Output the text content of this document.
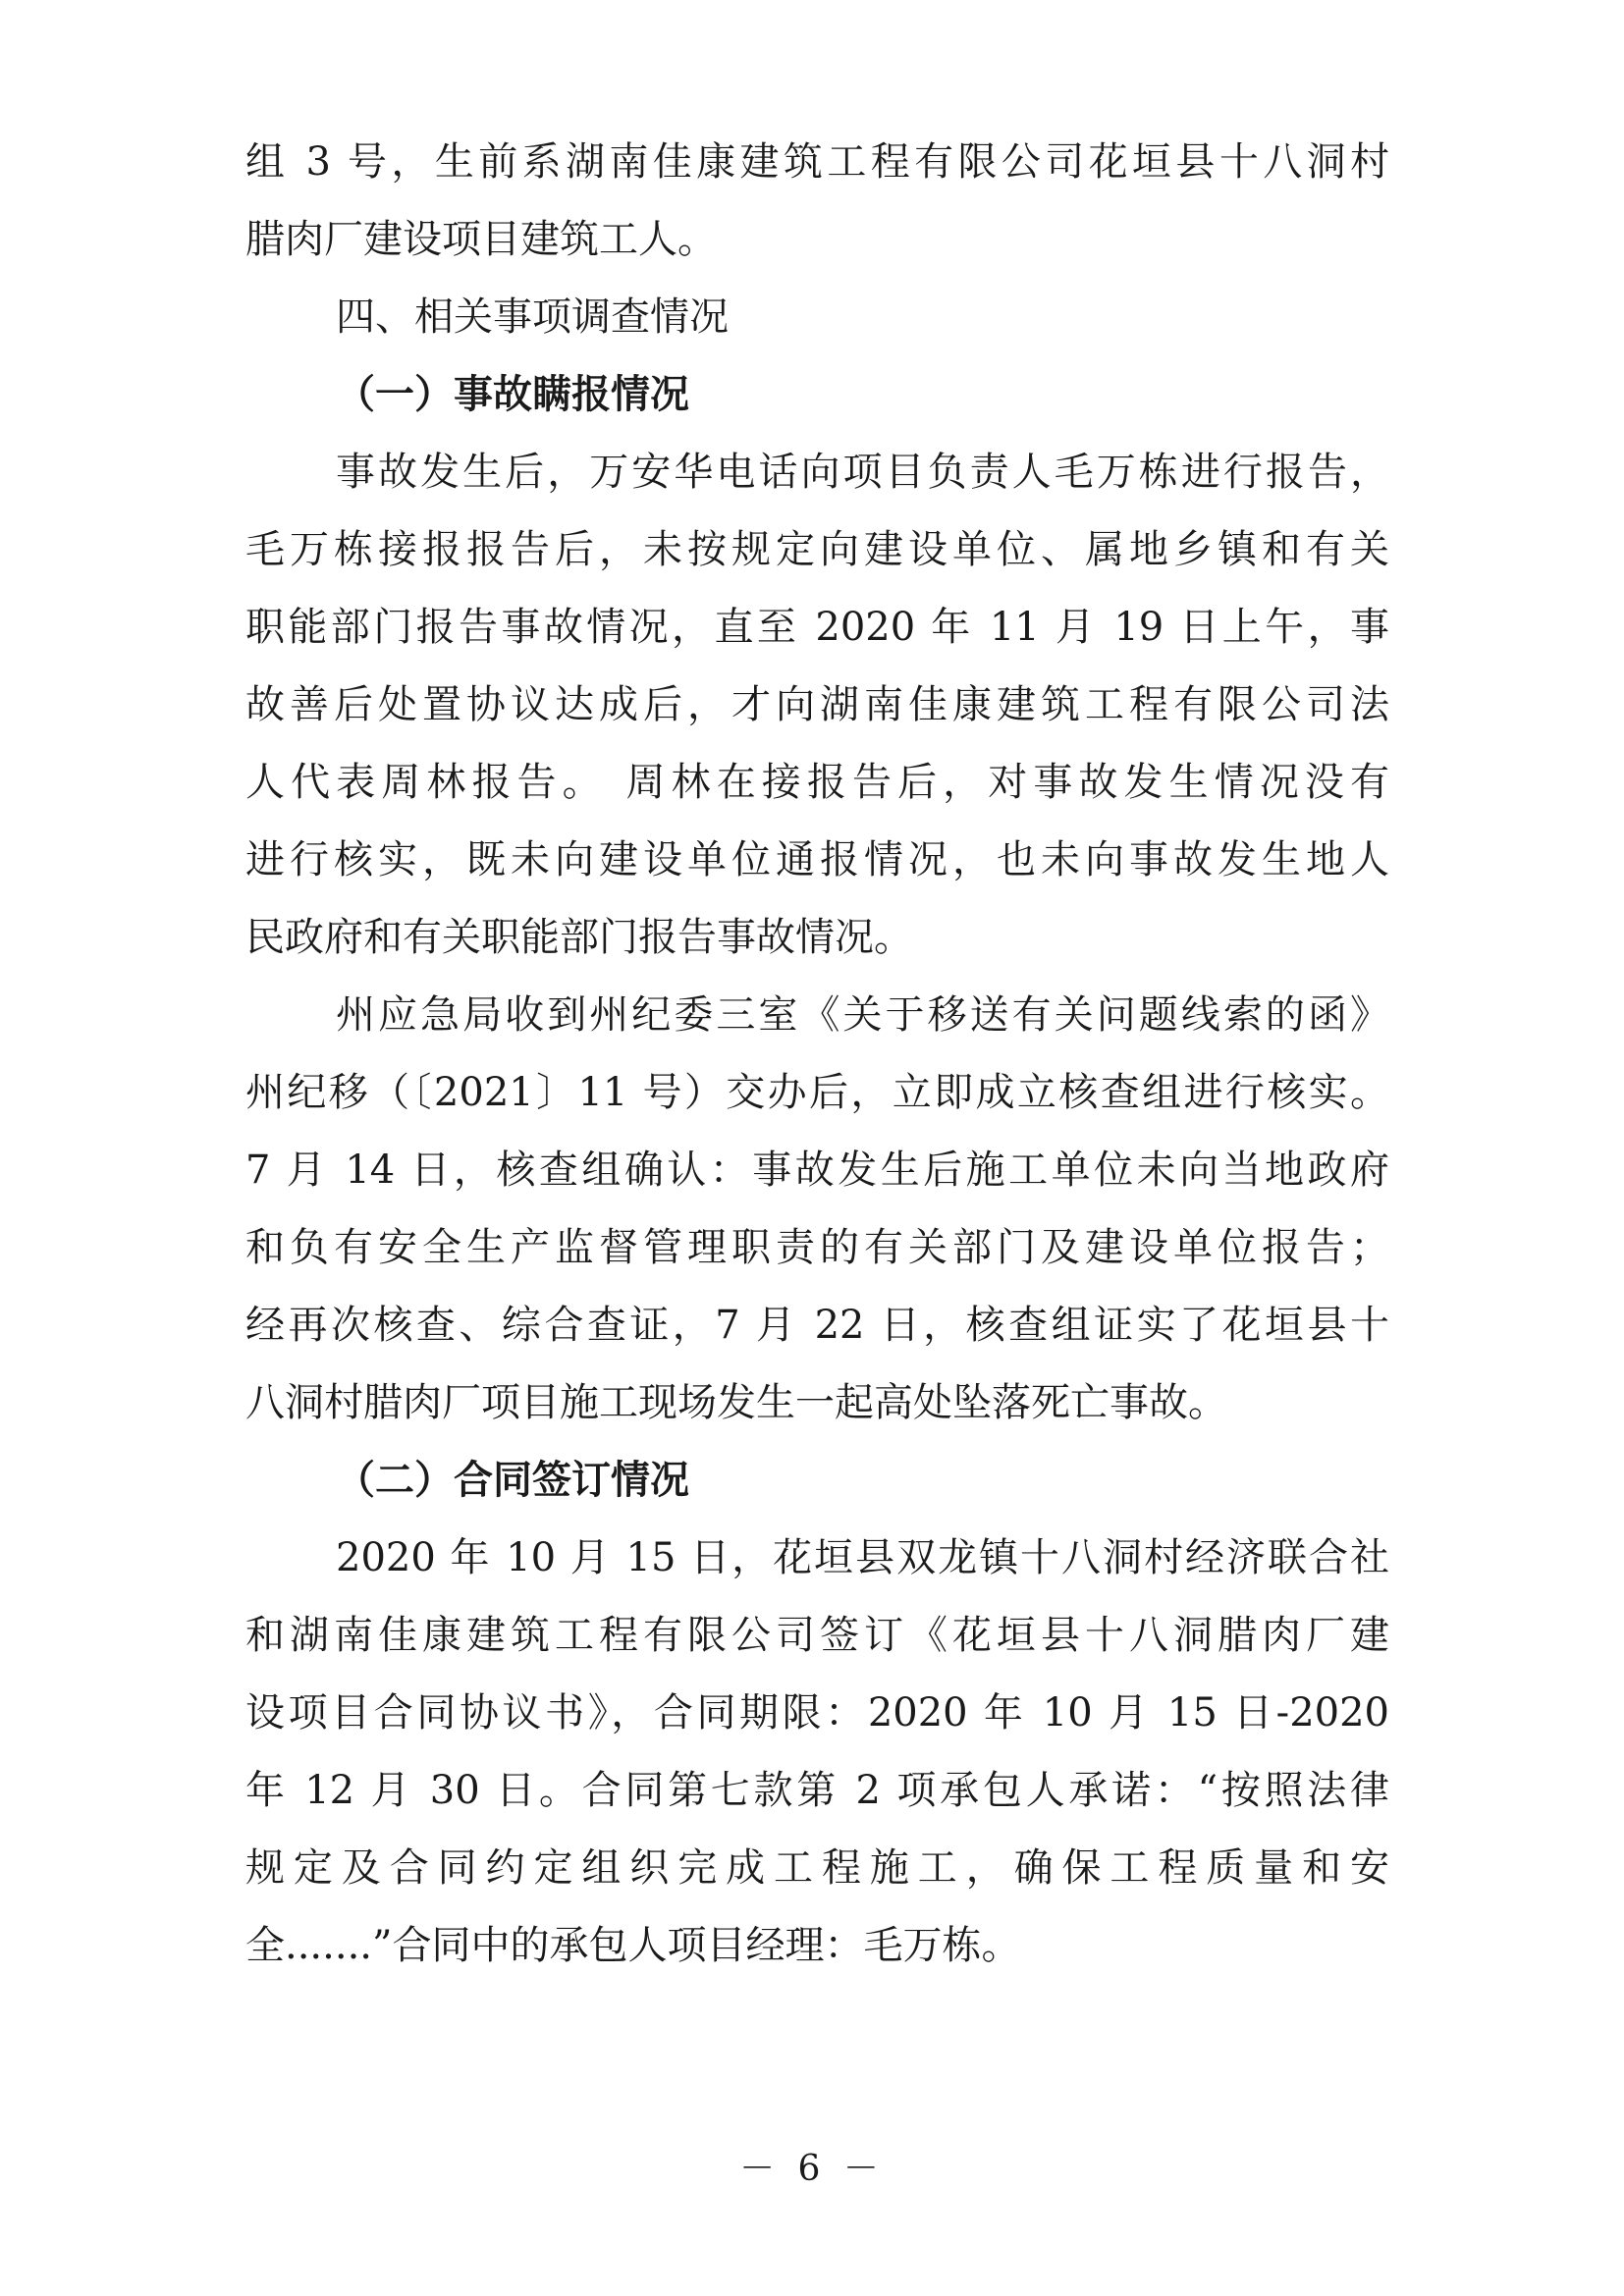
组 3 号，生前系湖南佳康建筑工程有限公司花垣县十八洞村
腊肉厂建设项目建筑工人。
四、相关事项调查情况
（一）事故瞒报情况
事故发生后，万安华电话向项目负责人毛万栋进行报告，
毛万栋接报报告后，未按规定向建设单位、属地乡镇和有关
职能部门报告事故情况，直至 2020 年 11 月 19 日上午，事
故善后处置协议达成后，才向湖南佳康建筑工程有限公司法
人代表周林报告。 周林在接报告后，对事故发生情况没有
进行核实，既未向建设单位通报情况，也未向事故发生地人
民政府和有关职能部门报告事故情况。
州应急局收到州纪委三室《关于移送有关问题线索的函》
州纪移（〔2021〕11 号）交办后，立即成立核查组进行核实。
7 月 14 日，核查组确认：事故发生后施工单位未向当地政府
和负有安全生产监督管理职责的有关部门及建设单位报告；
经再次核查、综合查证，7 月 22 日，核查组证实了花垣县十
八洞村腊肉厂项目施工现场发生一起高处坠落死亡事故。
（二）合同签订情况
2020 年 10 月 15 日，花垣县双龙镇十八洞村经济联合社
和湖南佳康建筑工程有限公司签订《花垣县十八洞腊肉厂建
设项目合同协议书》，合同期限：2020 年 10 月 15 日-2020
年 12 月 30 日。合同第七款第 2 项承包人承诺：“按照法律
规定及合同约定组织完成工程施工，确保工程质量和安
全.......”合同中的承包人项目经理：毛万栋。
－ 6 －
